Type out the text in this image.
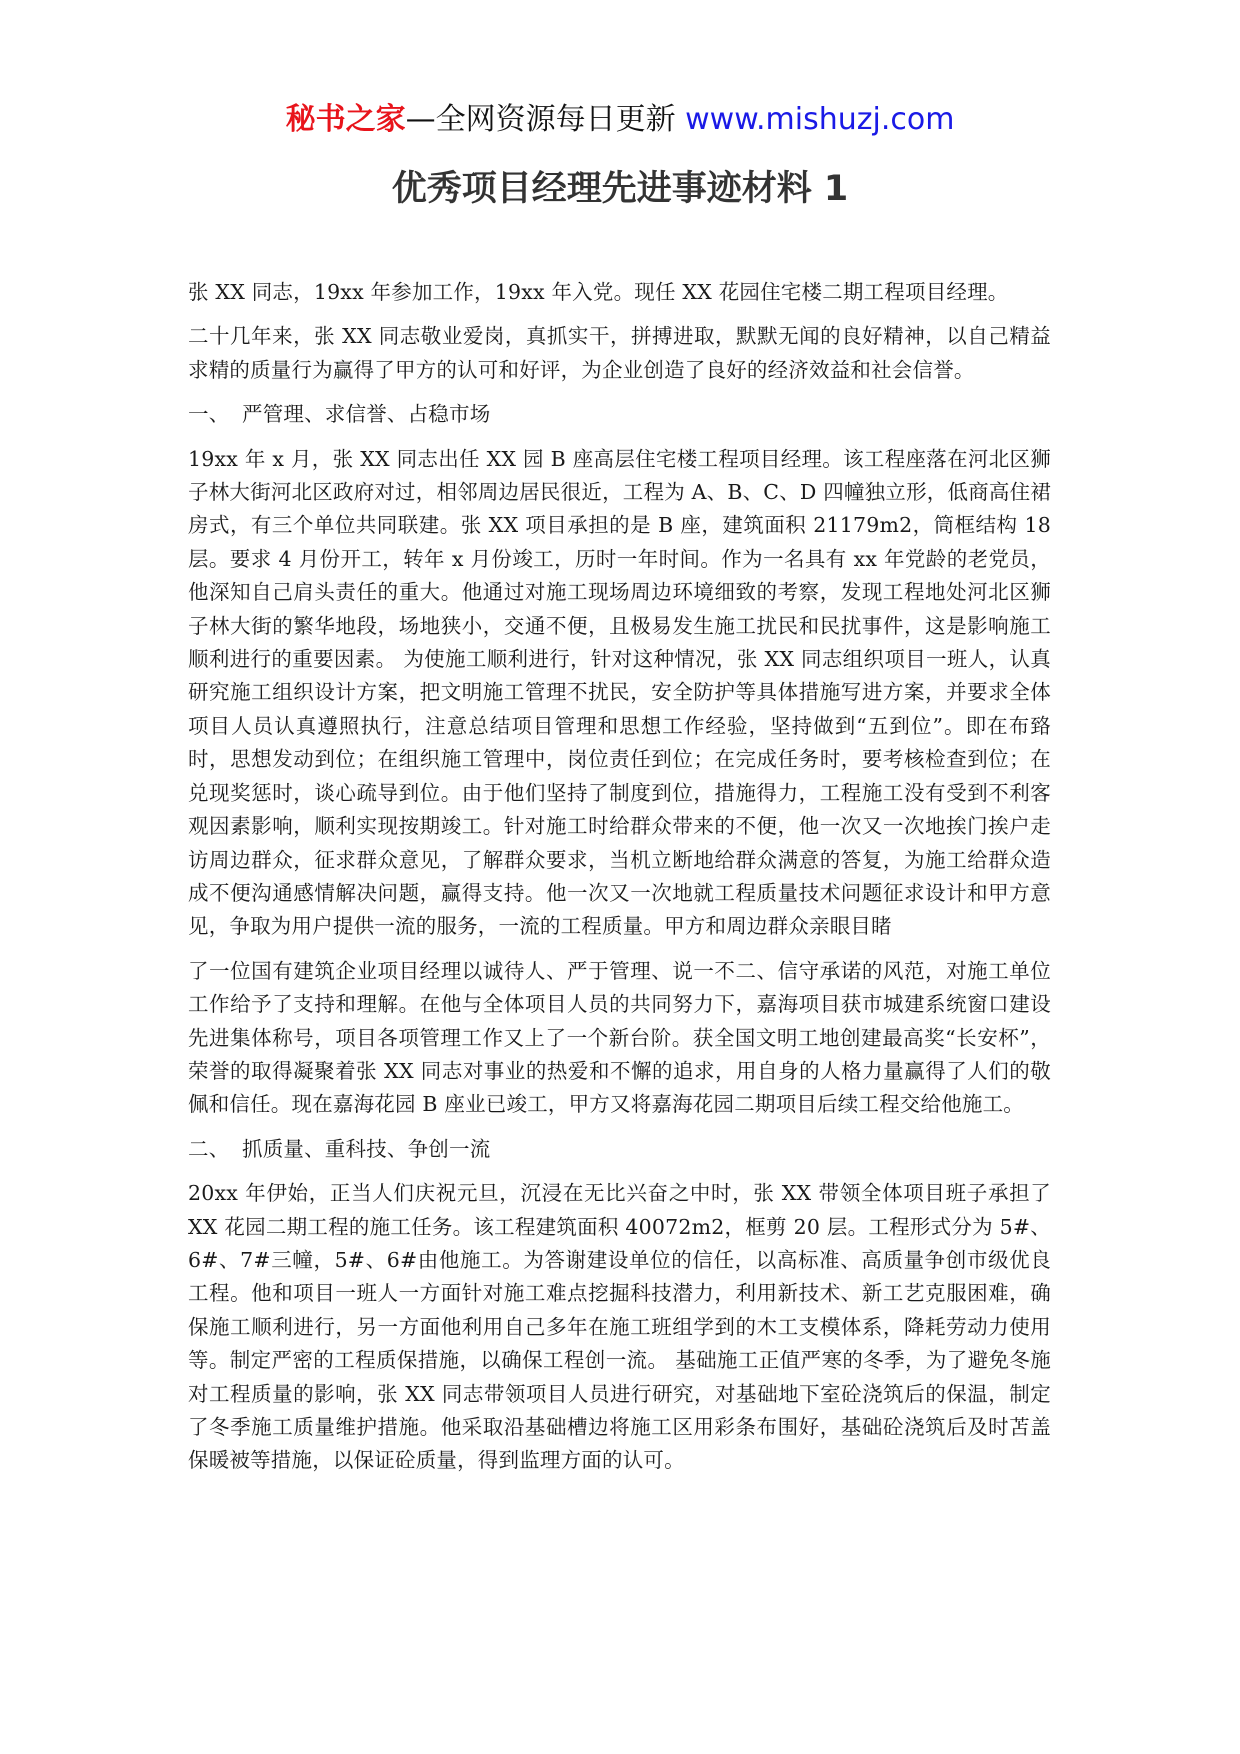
秘书之家—全网资源每日更新 www.mishuzj.com
优秀项目经理先进事迹材料 1

张 XX 同志，19xx 年参加工作，19xx 年入党。现任 XX 花园住宅楼二期工程项目经理。

二十几年来，张 XX 同志敬业爱岗，真抓实干，拼搏进取，默默无闻的良好精神，以自己精益求精的质量行为赢得了甲方的认可和好评，为企业创造了良好的经济效益和社会信誉。

一、 严管理、求信誉、占稳市场

19xx 年 x 月，张 XX 同志出任 XX 园 B 座高层住宅楼工程项目经理。该工程座落在河北区狮子林大街河北区政府对过，相邻周边居民很近，工程为 A、B、C、D 四幢独立形，低商高住裙房式，有三个单位共同联建。张 XX 项目承担的是 B 座，建筑面积 21179m2，筒框结构 18 层。要求 4 月份开工，转年 x 月份竣工，历时一年时间。作为一名具有 xx 年党龄的老党员，他深知自己肩头责任的重大。他通过对施工现场周边环境细致的考察，发现工程地处河北区狮子林大街的繁华地段，场地狭小，交通不便，且极易发生施工扰民和民扰事件，这是影响施工顺利进行的重要因素。 为使施工顺利进行，针对这种情况，张 XX 同志组织项目一班人，认真研究施工组织设计方案，把文明施工管理不扰民，安全防护等具体措施写进方案，并要求全体项目人员认真遵照执行，注意总结项目管理和思想工作经验，坚持做到“五到位”。即在布臵时，思想发动到位；在组织施工管理中，岗位责任到位；在完成任务时，要考核检查到位；在兑现奖惩时，谈心疏导到位。由于他们坚持了制度到位，措施得力，工程施工没有受到不利客观因素影响，顺利实现按期竣工。针对施工时给群众带来的不便，他一次又一次地挨门挨户走访周边群众，征求群众意见，了解群众要求，当机立断地给群众满意的答复，为施工给群众造成不便沟通感情解决问题，赢得支持。他一次又一次地就工程质量技术问题征求设计和甲方意见，争取为用户提供一流的服务，一流的工程质量。甲方和周边群众亲眼目睹

了一位国有建筑企业项目经理以诚待人、严于管理、说一不二、信守承诺的风范，对施工单位工作给予了支持和理解。在他与全体项目人员的共同努力下，嘉海项目获市城建系统窗口建设先进集体称号，项目各项管理工作又上了一个新台阶。获全国文明工地创建最高奖“长安杯”，荣誉的取得凝聚着张 XX 同志对事业的热爱和不懈的追求，用自身的人格力量赢得了人们的敬佩和信任。现在嘉海花园 B 座业已竣工，甲方又将嘉海花园二期项目后续工程交给他施工。

二、 抓质量、重科技、争创一流

20xx 年伊始，正当人们庆祝元旦，沉浸在无比兴奋之中时，张 XX 带领全体项目班子承担了 XX 花园二期工程的施工任务。该工程建筑面积 40072m2，框剪 20 层。工程形式分为 5#、6#、7#三幢，5#、6#由他施工。为答谢建设单位的信任，以高标准、高质量争创市级优良工程。他和项目一班人一方面针对施工难点挖掘科技潜力，利用新技术、新工艺克服困难，确保施工顺利进行，另一方面他利用自己多年在施工班组学到的木工支模体系，降耗劳动力使用等。制定严密的工程质保措施，以确保工程创一流。 基础施工正值严寒的冬季，为了避免冬施对工程质量的影响，张 XX 同志带领项目人员进行研究，对基础地下室砼浇筑后的保温，制定了冬季施工质量维护措施。他采取沿基础槽边将施工区用彩条布围好，基础砼浇筑后及时苫盖保暖被等措施，以保证砼质量，得到监理方面的认可。
